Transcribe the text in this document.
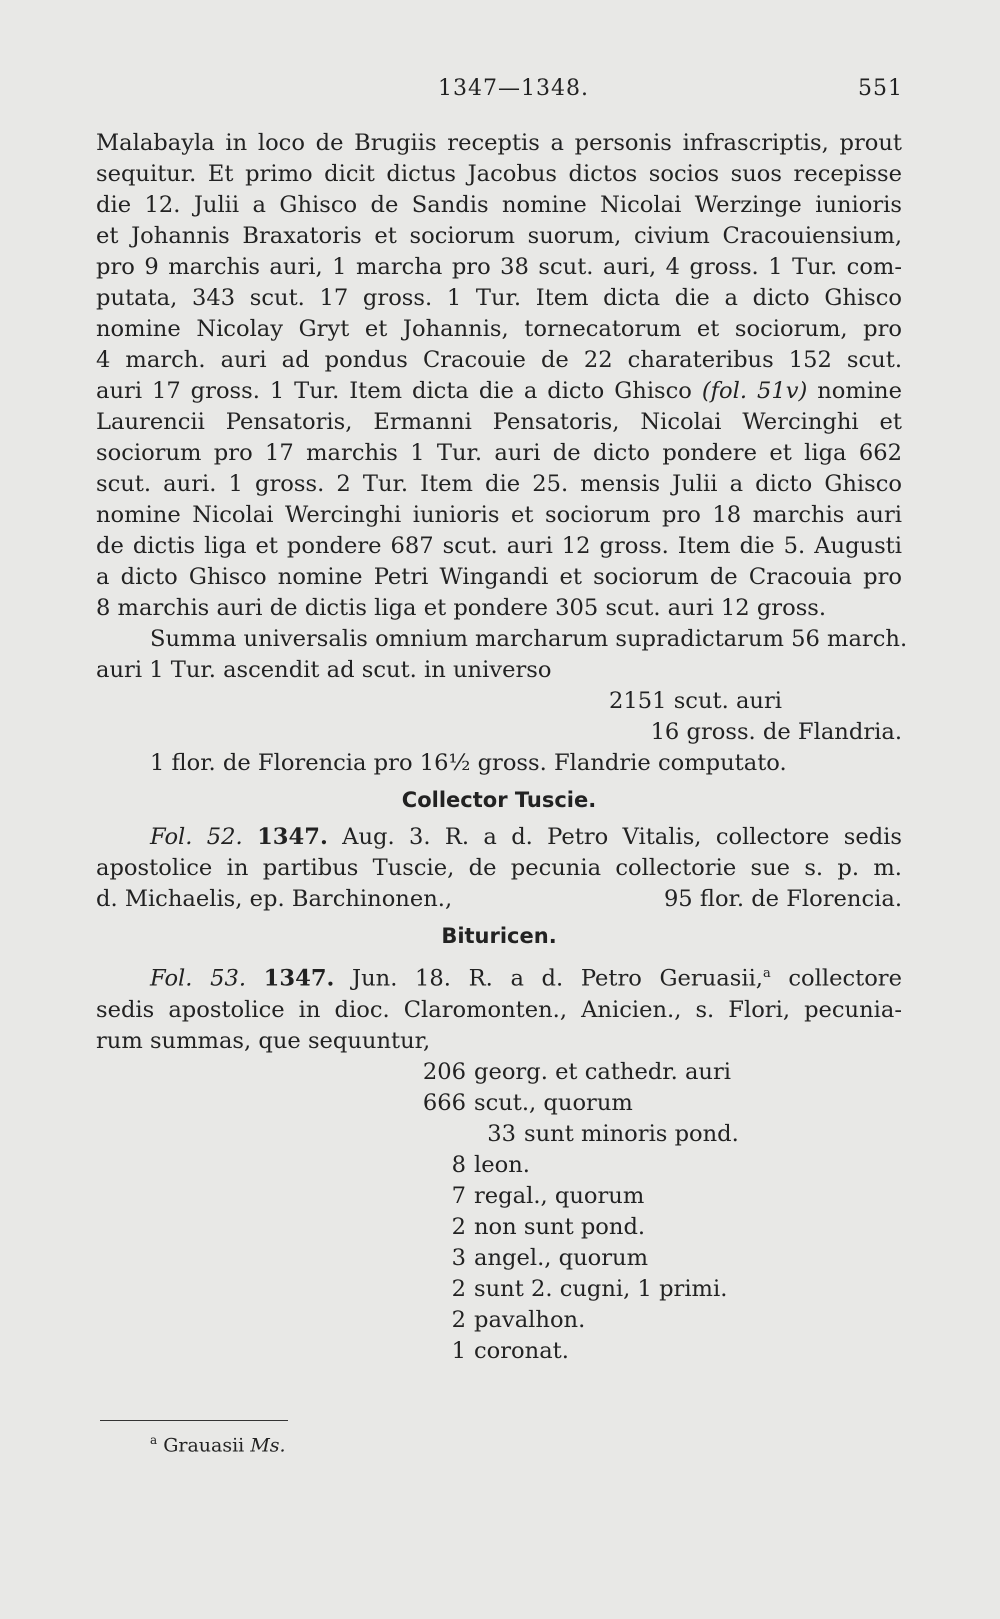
1347—1348.	551
Malabayla in loco de Brugiis receptis a personis infrascriptis, prout
sequitur. Et primo dicit dictus Jacobus dictos socios suos recepisse
die 12. Julii a Ghisco de Sandis nomine Nicolai Werzinge iunioris
et Johannis Braxatoris et sociorum suorum, civium Cracouiensium,
pro 9 marchis auri, 1 marcha pro 38 scut. auri, 4 gross. 1 Tur. com-
putata, 343 scut. 17 gross. 1 Tur. Item dicta die a dicto Ghisco
nomine Nicolay Gryt et Johannis, tornecatorum et sociorum, pro
4 march. auri ad pondus Cracouie de 22 charateribus 152 scut.
auri 17 gross. 1 Tur. Item dicta die a dicto Ghisco (fol. 51v) nomine
Laurencii Pensatoris, Ermanni Pensatoris, Nicolai Wercinghi et
sociorum pro 17 marchis 1 Tur. auri de dicto pondere et liga 662
scut. auri. 1 gross. 2 Tur. Item die 25. mensis Julii a dicto Ghisco
nomine Nicolai Wercinghi iunioris et sociorum pro 18 marchis auri
de dictis liga et pondere 687 scut. auri 12 gross. Item die 5. Augusti
a dicto Ghisco nomine Petri Wingandi et sociorum de Cracouia pro
8 marchis auri de dictis liga et pondere 305 scut. auri 12 gross.
Summa universalis omnium marcharum supradictarum 56 march.
auri 1 Tur. ascendit ad scut. in universo
2151 scut. auri
16 gross. de Flandria.
1 flor. de Florencia pro 16½ gross. Flandrie computato.
Collector Tuscie.
Fol. 52. 1347. Aug. 3. R. a d. Petro Vitalis, collectore sedis
apostolice in partibus Tuscie, de pecunia collectorie sue s. p. m.
d. Michaelis, ep. Barchinonen.,	95 flor. de Florencia.
Bituricen.
Fol. 53. 1347. Jun. 18. R. a d. Petro Geruasii,$^a$ collectore
sedis apostolice in dioc. Claromonten., Anicien., s. Flori, pecunia-
rum summas, que sequuntur,
206 georg. et cathedr. auri
666 scut., quorum
33 sunt minoris pond.
8 leon.
7 regal., quorum
2 non sunt pond.
3 angel., quorum
2 sunt 2. cugni, 1 primi.
2 pavalhon.
1 coronat.
$^a$ Grauasii Ms.
